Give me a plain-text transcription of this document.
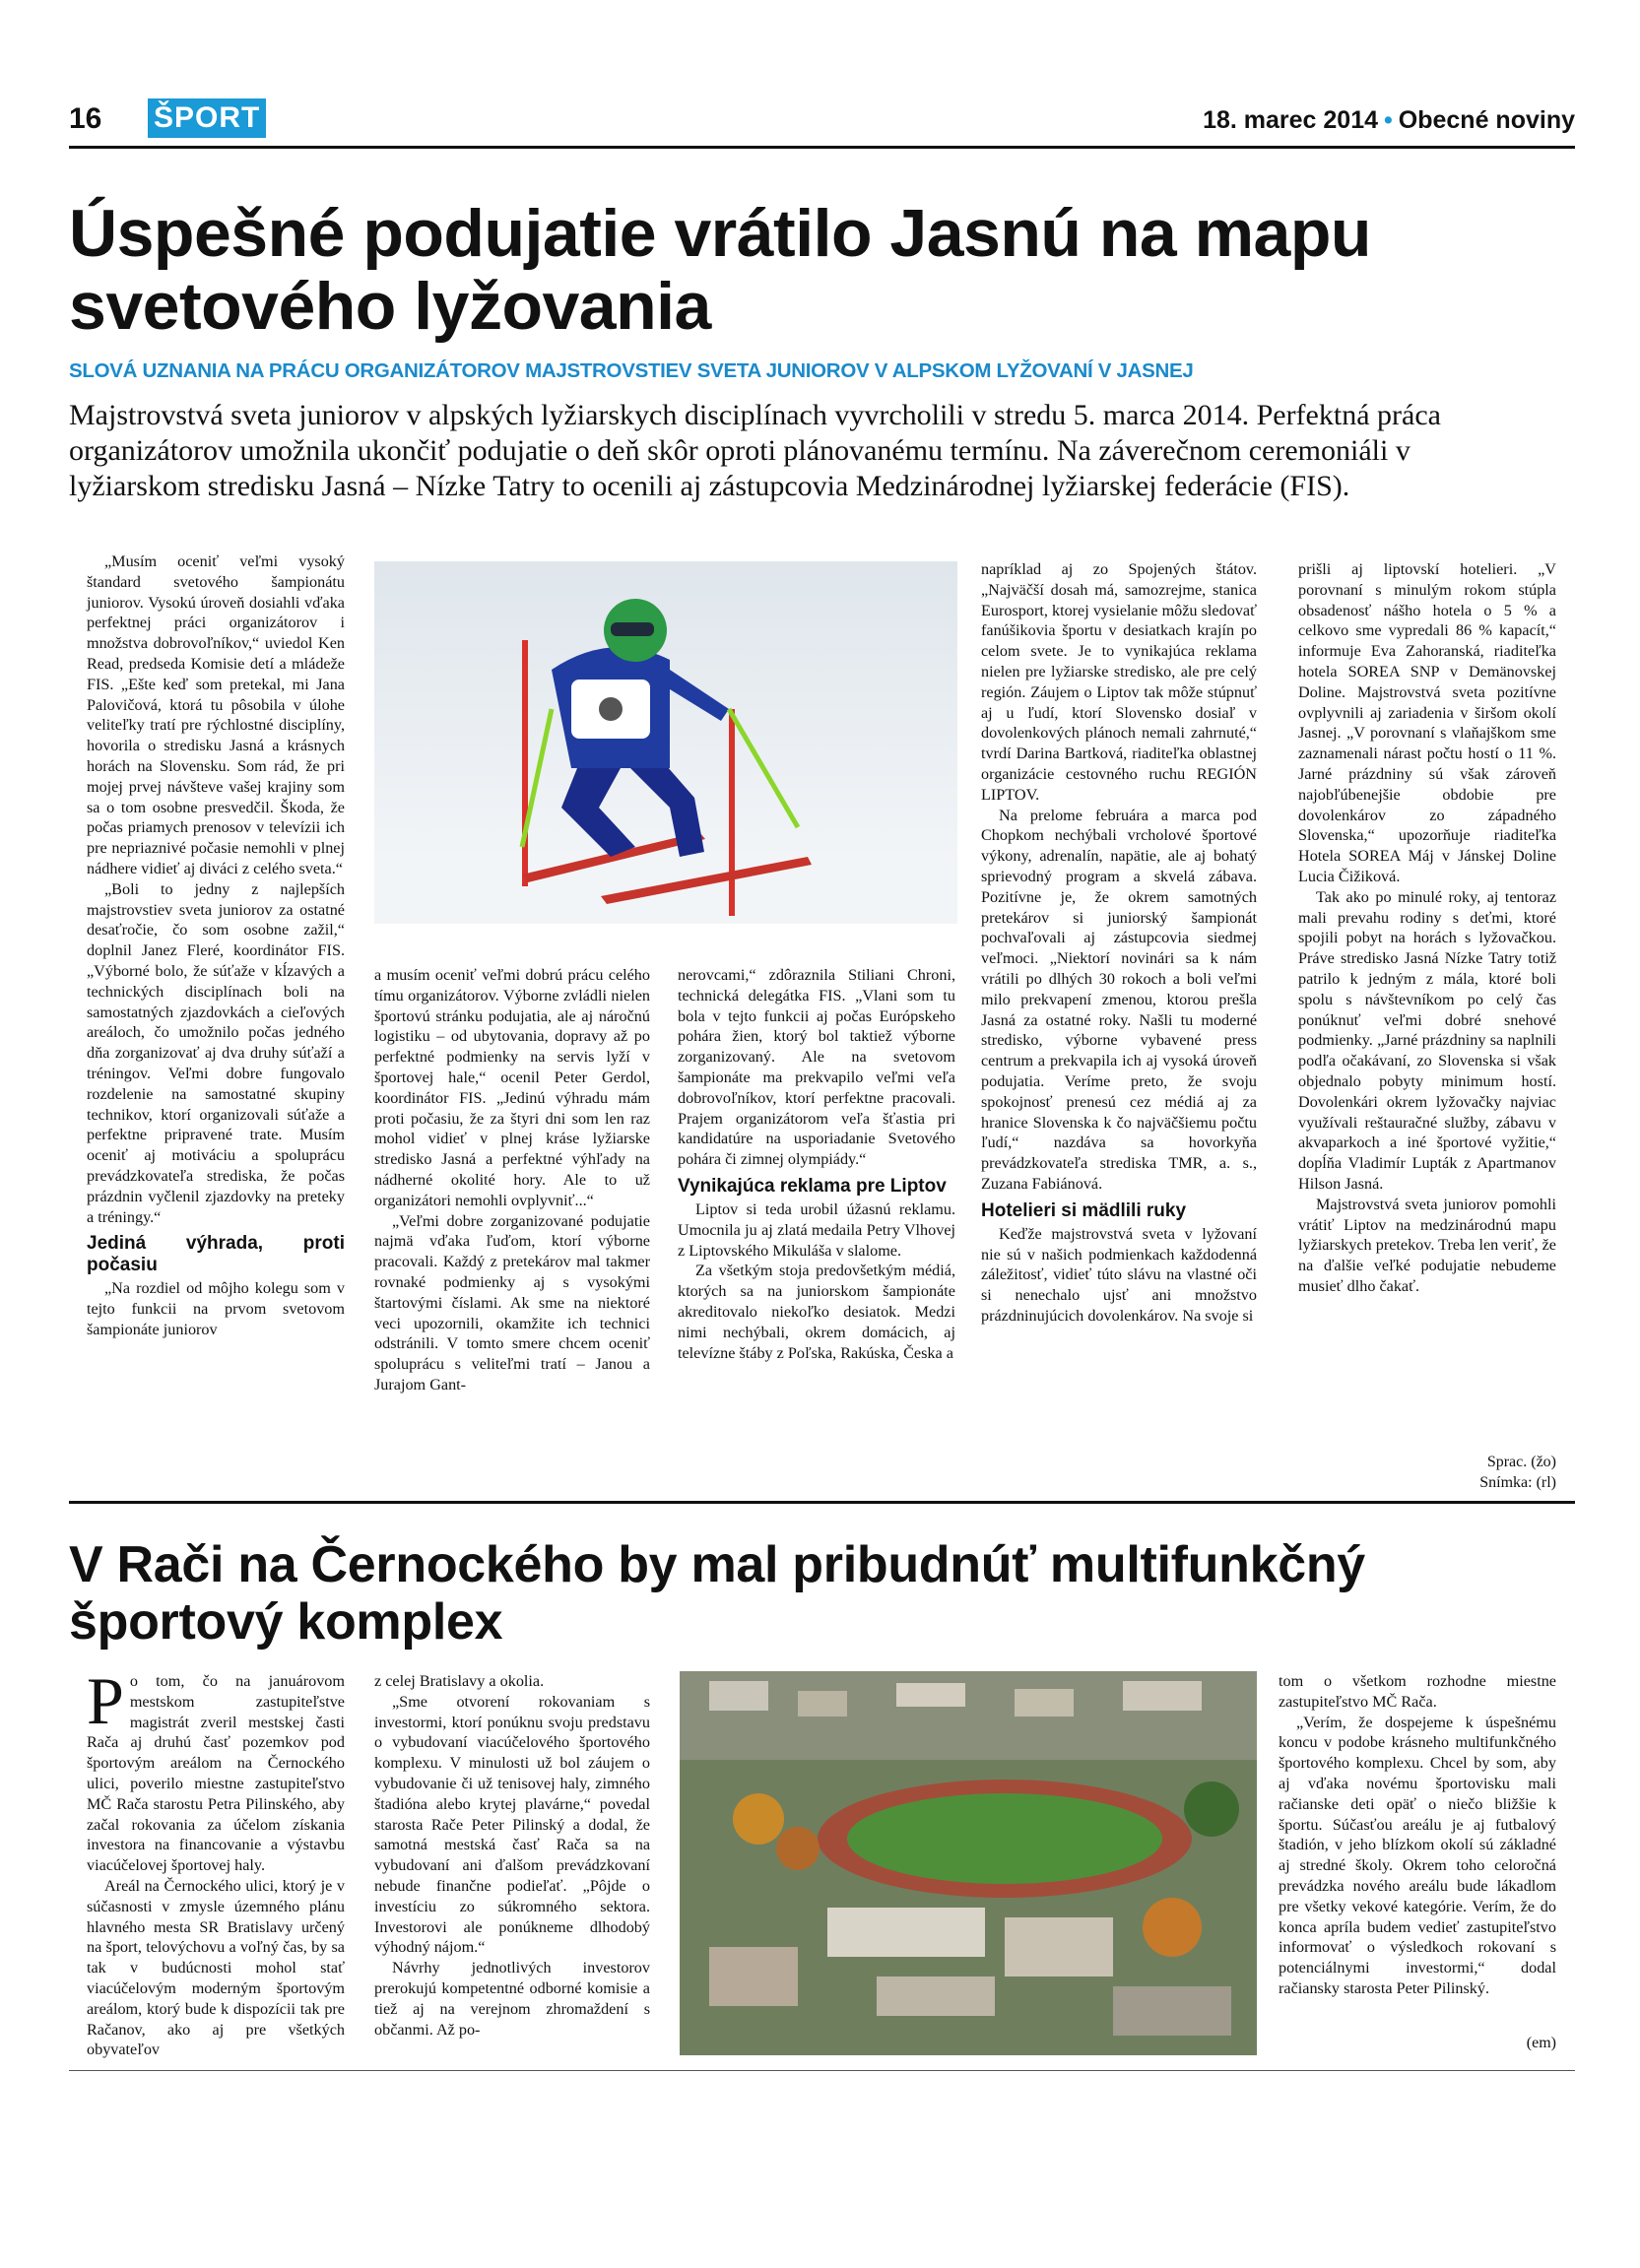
16 ŠPORT	18. marec 2014 • Obecné noviny
Úspešné podujatie vrátilo Jasnú na mapu svetového lyžovania
SLOVÁ UZNANIA NA PRÁCU ORGANIZÁTOROV MAJSTROVSTIEV SVETA JUNIOROV V ALPSKOM LYŽOVANÍ V JASNEJ
Majstrovstvá sveta juniorov v alpských lyžiarskych disciplínach vyvrcholili v stredu 5. marca 2014. Perfektná práca organizátorov umožnila ukončiť podujatie o deň skôr oproti plánovanému termínu. Na záverečnom ceremoniáli v lyžiarskom stredisku Jasná – Nízke Tatry to ocenili aj zástupcovia Medzinárodnej lyžiarskej federácie (FIS).

„Musím oceniť veľmi vysoký štandard svetového šampionátu juniorov. Vysokú úroveň dosiahli vďaka perfektnej práci organizátorov i množstva dobrovoľníkov,“ uviedol Ken Read, predseda Komisie detí a mládeže FIS. „Ešte keď som pretekal, mi Jana Palovičová, ktorá tu pôsobila v úlohe veliteľky tratí pre rýchlostné disciplíny, hovorila o stredisku Jasná a krásnych horách na Slovensku. Som rád, že pri mojej prvej návšteve vašej krajiny som sa o tom osobne presvedčil. Škoda, že počas priamych prenosov v televízii ich pre nepriaznivé počasie nemohli v plnej nádhere vidieť aj diváci z celého sveta.“

„Boli to jedny z najlepších majstrovstiev sveta juniorov za ostatné desaťročie, čo som osobne zažil,“ doplnil Janez Fleré, koordinátor FIS. „Výborné bolo, že súťaže v kĺzavých a technických disciplínach boli na samostatných zjazdovkách a cieľových areáloch, čo umožnilo počas jedného dňa zorganizovať aj dva druhy súťaží a tréningov. Veľmi dobre fungovalo rozdelenie na samostatné skupiny technikov, ktorí organizovali súťaže a perfektne pripravené trate. Musím oceniť aj motiváciu a spoluprácu prevádzkovateľa strediska, že počas prázdnin vyčlenil zjazdovky na preteky a tréningy.“

Jediná výhrada, proti počasiu

„Na rozdiel od môjho kolegu som v tejto funkcii na prvom svetovom šampionáte juniorov

a musím oceniť veľmi dobrú prácu celého tímu organizátorov. Výborne zvládli nielen športovú stránku podujatia, ale aj náročnú logistiku – od ubytovania, dopravy až po perfektné podmienky na servis lyží v športovej hale,“ ocenil Peter Gerdol, koordinátor FIS. „Jedinú výhradu mám proti počasiu, že za štyri dni som len raz mohol vidieť v plnej kráse lyžiarske stredisko Jasná a perfektné výhľady na nádherné okolité hory. Ale to už organizátori nemohli ovplyvniť...“

„Veľmi dobre zorganizované podujatie najmä vďaka ľuďom, ktorí výborne pracovali. Každý z pretekárov mal takmer rovnaké podmienky aj s vysokými štartovými číslami. Ak sme na niektoré veci upozornili, okamžite ich technici odstránili. V tomto smere chcem oceniť spoluprácu s veliteľmi tratí – Janou a Jurajom Gant-

nerovcami,“ zdôraznila Stiliani Chroni, technická delegátka FIS. „Vlani som tu bola v tejto funkcii aj počas Európskeho pohára žien, ktorý bol taktiež výborne zorganizovaný. Ale na svetovom šampionáte ma prekvapilo veľmi veľa dobrovoľníkov, ktorí perfektne pracovali. Prajem organizátorom veľa šťastia pri kandidatúre na usporiadanie Svetového pohára či zimnej olympiády.“

Vynikajúca reklama pre Liptov

Liptov si teda urobil úžasnú reklamu. Umocnila ju aj zlatá medaila Petry Vlhovej z Liptovského Mikuláša v slalome.

Za všetkým stoja predovšetkým médiá, ktorých sa na juniorskom šampionáte akreditovalo niekoľko desiatok. Medzi nimi nechýbali, okrem domácich, aj televízne štáby z Poľska, Rakúska, Česka a

napríklad aj zo Spojených štátov. „Najväčší dosah má, samozrejme, stanica Eurosport, ktorej vysielanie môžu sledovať fanúšikovia športu v desiatkach krajín po celom svete. Je to vynikajúca reklama nielen pre lyžiarske stredisko, ale pre celý región. Záujem o Liptov tak môže stúpnuť aj u ľudí, ktorí Slovensko dosiaľ v dovolenkových plánoch nemali zahrnuté,“ tvrdí Darina Bartková, riaditeľka oblastnej organizácie cestovného ruchu REGIÓN LIPTOV.

Na prelome februára a marca pod Chopkom nechýbali vrcholové športové výkony, adrenalín, napätie, ale aj bohatý sprievodný program a skvelá zábava. Pozitívne je, že okrem samotných pretekárov si juniorský šampionát pochvaľovali aj zástupcovia siedmej veľmoci. „Niektorí novinári sa k nám vrátili po dlhých 30 rokoch a boli veľmi milo prekvapení zmenou, ktorou prešla Jasná za ostatné roky. Našli tu moderné stredisko, výborne vybavené press centrum a prekvapila ich aj vysoká úroveň podujatia. Veríme preto, že svoju spokojnosť prenesú cez médiá aj za hranice Slovenska k čo najväčšiemu počtu ľudí,“ nazdáva sa hovorkyňa prevádzkovateľa strediska TMR, a. s., Zuzana Fabiánová.

Hotelieri si mädlili ruky

Keďže majstrovstvá sveta v lyžovaní nie sú v našich podmienkach každodenná záležitosť, vidieť túto slávu na vlastné oči si nenechalo ujsť ani množstvo prázdninujúcich dovolenkárov. Na svoje si

prišli aj liptovskí hotelieri. „V porovnaní s minulým rokom stúpla obsadenosť nášho hotela o 5 % a celkovo sme vypredali 86 % kapacít,“ informuje Eva Zahoranská, riaditeľka hotela SOREA SNP v Demänovskej Doline. Majstrovstvá sveta pozitívne ovplyvnili aj zariadenia v širšom okolí Jasnej. „V porovnaní s vlaňajškom sme zaznamenali nárast počtu hostí o 11 %. Jarné prázdniny sú však zároveň najobľúbenejšie obdobie pre dovolenkárov zo západného Slovenska,“ upozorňuje riaditeľka Hotela SOREA Máj v Jánskej Doline Lucia Čižiková.

Tak ako po minulé roky, aj tentoraz mali prevahu rodiny s deťmi, ktoré spojili pobyt na horách s lyžovačkou. Práve stredisko Jasná Nízke Tatry totiž patrilo k jedným z mála, ktoré boli spolu s návštevníkom po celý čas ponúknuť veľmi dobré snehové podmienky. „Jarné prázdniny sa naplnili podľa očakávaní, zo Slovenska si však objednalo pobyty minimum hostí. Dovolenkári okrem lyžovačky najviac využívali reštauračné služby, zábavu v akvaparkoch a iné športové vyžitie,“ dopĺňa Vladimír Lupták z Apartmanov Hilson Jasná.

Majstrovstvá sveta juniorov pomohli vrátiť Liptov na medzinárodnú mapu lyžiarskych pretekov. Treba len veriť, že na ďalšie veľké podujatie nebudeme musieť dlho čakať.

Sprac. (žo)
Snímka: (rl)
V Rači na Černockého by mal pribudnúť multifunkčný športový komplex

Po tom, čo na januárovom mestskom zastupiteľstve magistrát zveril mestskej časti Rača aj druhú časť pozemkov pod športovým areálom na Černockého ulici, poverilo miestne zastupiteľstvo MČ Rača starostu Petra Pilinského, aby začal rokovania za účelom získania investora na financovanie a výstavbu viacúčelovej športovej haly.

Areál na Černockého ulici, ktorý je v súčasnosti v zmysle územného plánu hlavného mesta SR Bratislavy určený na šport, telovýchovu a voľný čas, by sa tak v budúcnosti mohol stať viacúčelovým moderným športovým areálom, ktorý bude k dispozícii tak pre Račanov, ako aj pre všetkých obyvateľov

z celej Bratislavy a okolia.

„Sme otvorení rokovaniam s investormi, ktorí ponúknu svoju predstavu o vybudovaní viacúčelového športového komplexu. V minulosti už bol záujem o vybudovanie či už tenisovej haly, zimného štadióna alebo krytej plavárne,“ povedal starosta Rače Peter Pilinský a dodal, že samotná mestská časť Rača sa na vybudovaní ani ďalšom prevádzkovaní nebude finančne podieľať. „Pôjde o investíciu zo súkromného sektora. Investorovi ale ponúkneme dlhodobý výhodný nájom.“

Návrhy jednotlivých investorov prerokujú kompetentné odborné komisie a tiež aj na verejnom zhromaždení s občanmi. Až po-

tom o všetkom rozhodne miestne zastupiteľstvo MČ Rača.

„Verím, že dospejeme k úspešnému koncu v podobe krásneho multifunkčného športového komplexu. Chcel by som, aby aj vďaka novému športovisku mali račianske deti opäť o niečo bližšie k športu. Súčasťou areálu je aj futbalový štadión, v jeho blízkom okolí sú základné aj stredné školy. Okrem toho celoročná prevádzka nového areálu bude lákadlom pre všetky vekové kategórie. Verím, že do konca apríla budem vedieť zastupiteľstvo informovať o výsledkoch rokovaní s potenciálnymi investormi,“ dodal račiansky starosta Peter Pilinský.

(em)
